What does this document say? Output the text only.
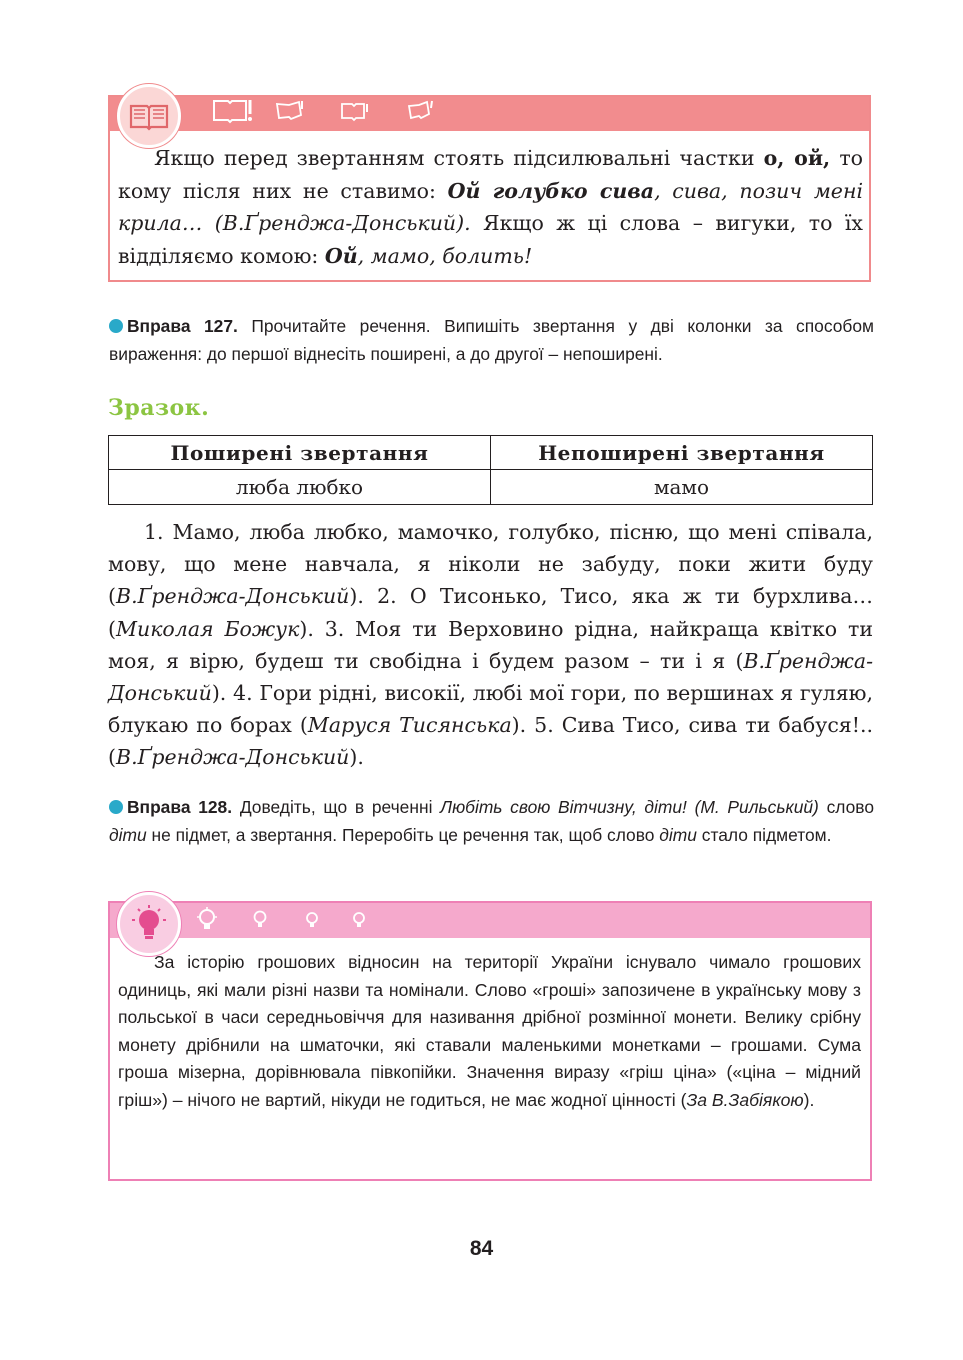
Якщо перед звертанням стоять підсилювальні частки о, ой, то кому після них не ставимо: Ой голубко сива, сива, позич мені крила… (В.Ґренджа-Донський). Якщо ж ці слова – вигуки, то їх відділяємо комою: Ой, мамо, болить!
Вправа 127. Прочитайте речення. Випишіть звертання у дві колонки за способом вираження: до першої віднесіть поширені, а до другої – непоширені.
Зразок.
Поширені звертання	Непоширені звертання
люба любко	мамо
1. Мамо, люба любко, мамочко, голубко, пісню, що мені співала, мову, що мене навчала, я ніколи не забуду, поки жити буду (В.Ґренджа-Донський). 2. О Тисонько, Тисо, яка ж ти бурхлива… (Миколая Божук). 3. Моя ти Верховино рідна, найкраща квітко ти моя, я вірю, будеш ти свобідна і будем разом – ти і я (В.Ґренджа-Донський). 4. Гори рідні, високії, любі мої гори, по вершинах я гуляю, блукаю по борах (Маруся Тисянська). 5. Сива Тисо, сива ти бабуся!.. (В.Ґренджа-Донський).
Вправа 128. Доведіть, що в реченні Любіть свою Вітчизну, діти! (М. Рильський) слово діти не підмет, а звертання. Переробіть це речення так, щоб слово діти стало підметом.
За історію грошових відносин на території України існувало чимало грошових одиниць, які мали різні назви та номінали. Слово «гроші» запозичене в українську мову з польської в часи середньовіччя для називання дрібної розмінної монети. Велику срібну монету дрібнили на шматочки, які ставали маленькими монетками – грошами. Сума гроша мізерна, дорівнювала півкопійки. Значення виразу «гріш ціна» («ціна – мідний гріш») – нічого не вартий, нікуди не годиться, не має жодної цінності (За В.Забіякою).
84
